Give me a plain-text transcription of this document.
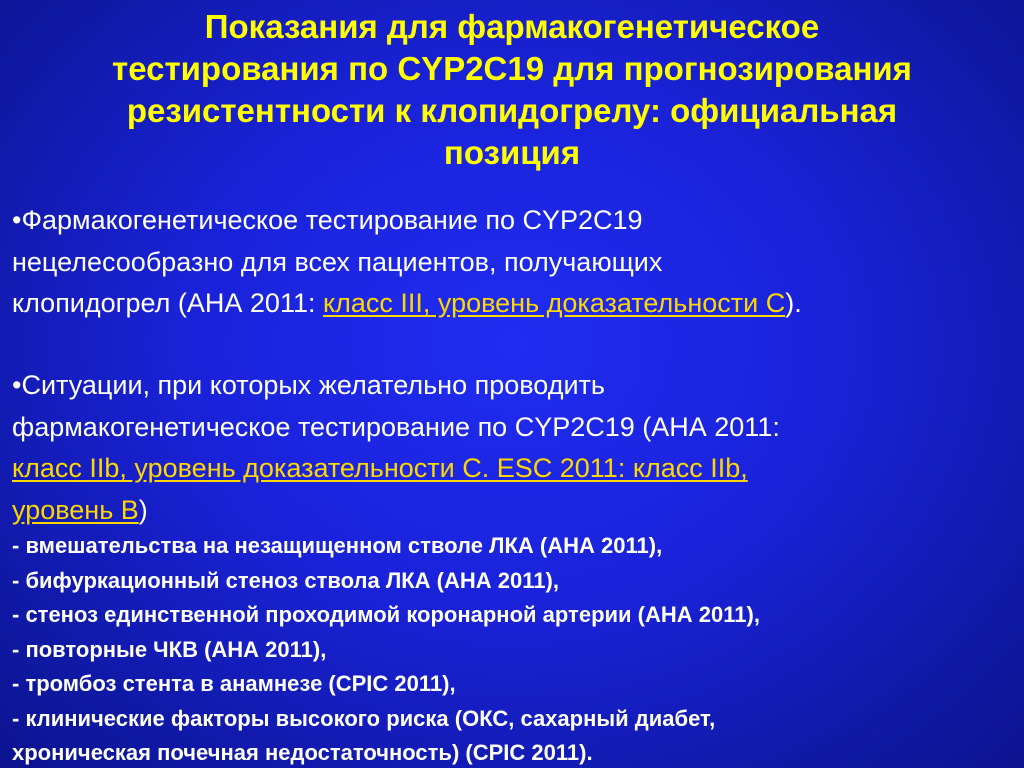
Показания для фармакогенетическое
тестирования по CYP2C19 для прогнозирования
резистентности к клопидогрелу: официальная
позиция

•Фармакогенетическое тестирование по CYP2C19
нецелесообразно для всех пациентов, получающих
клопидогрел (АНА 2011: класс III, уровень доказательности С).

•Ситуации, при которых желательно проводить
фармакогенетическое тестирование по CYP2C19 (АНА 2011:
класс IIb, уровень доказательности С. ESC 2011: класс IIb,
уровень В)

- вмешательства на незащищенном стволе ЛКА (АНА 2011),
- бифуркационный стеноз ствола ЛКА (АНА 2011),
- стеноз единственной проходимой коронарной артерии (АНА 2011),
- повторные ЧКВ (АНА 2011),
- тромбоз стента в анамнезе (CPIC 2011),
- клинические факторы высокого риска (ОКС, сахарный диабет,
хроническая почечная недостаточность) (CPIC 2011).
